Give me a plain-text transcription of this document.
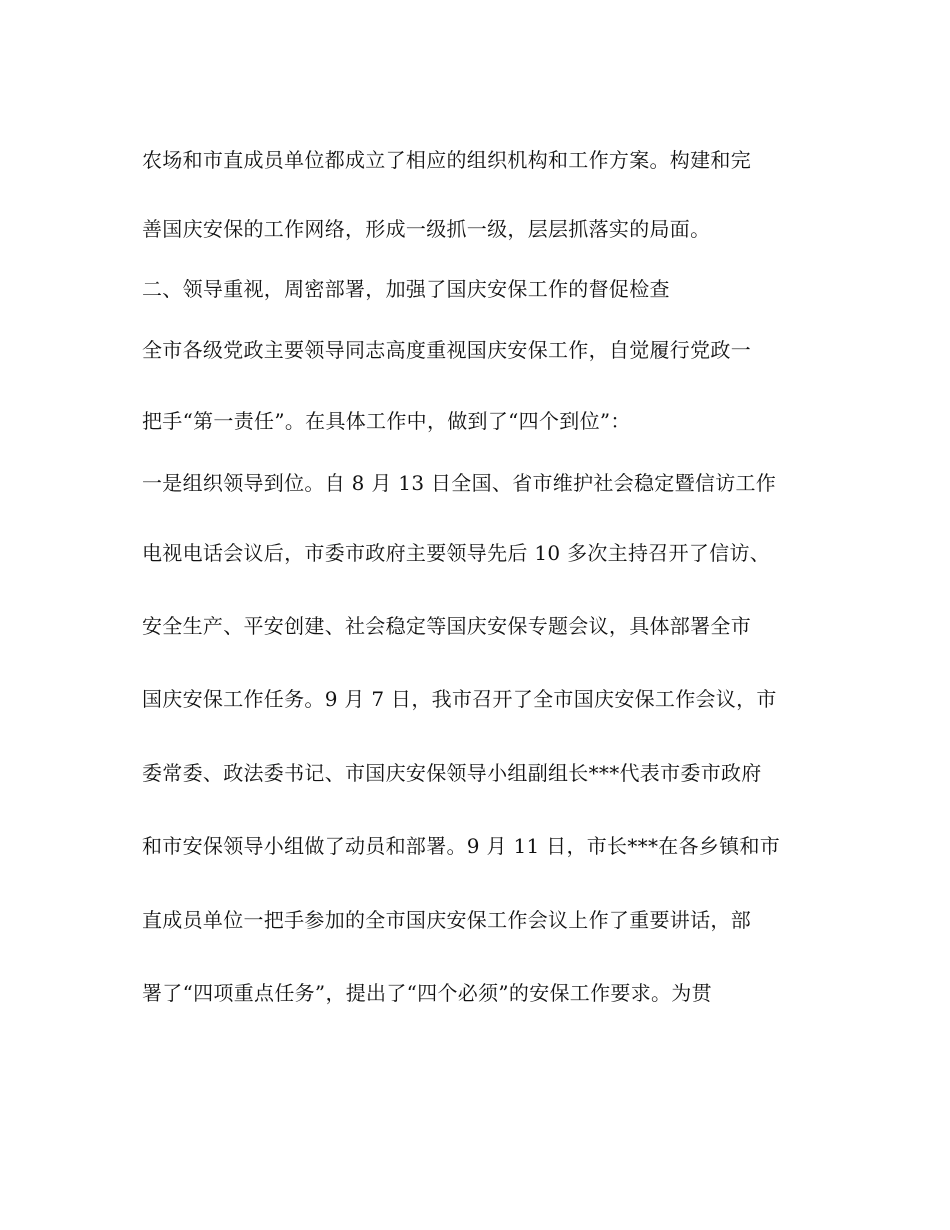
农场和市直成员单位都成立了相应的组织机构和工作方案。构建和完
善国庆安保的工作网络，形成一级抓一级，层层抓落实的局面。
二、领导重视，周密部署，加强了国庆安保工作的督促检查
全市各级党政主要领导同志高度重视国庆安保工作，自觉履行党政一
把手“第一责任”。在具体工作中，做到了“四个到位”：
一是组织领导到位。自 8 月 13 日全国、省市维护社会稳定暨信访工作
电视电话会议后，市委市政府主要领导先后 10 多次主持召开了信访、
安全生产、平安创建、社会稳定等国庆安保专题会议，具体部署全市
国庆安保工作任务。9 月 7 日，我市召开了全市国庆安保工作会议，市
委常委、政法委书记、市国庆安保领导小组副组长***代表市委市政府
和市安保领导小组做了动员和部署。9 月 11 日，市长***在各乡镇和市
直成员单位一把手参加的全市国庆安保工作会议上作了重要讲话，部
署了“四项重点任务”，提出了“四个必须”的安保工作要求。为贯
